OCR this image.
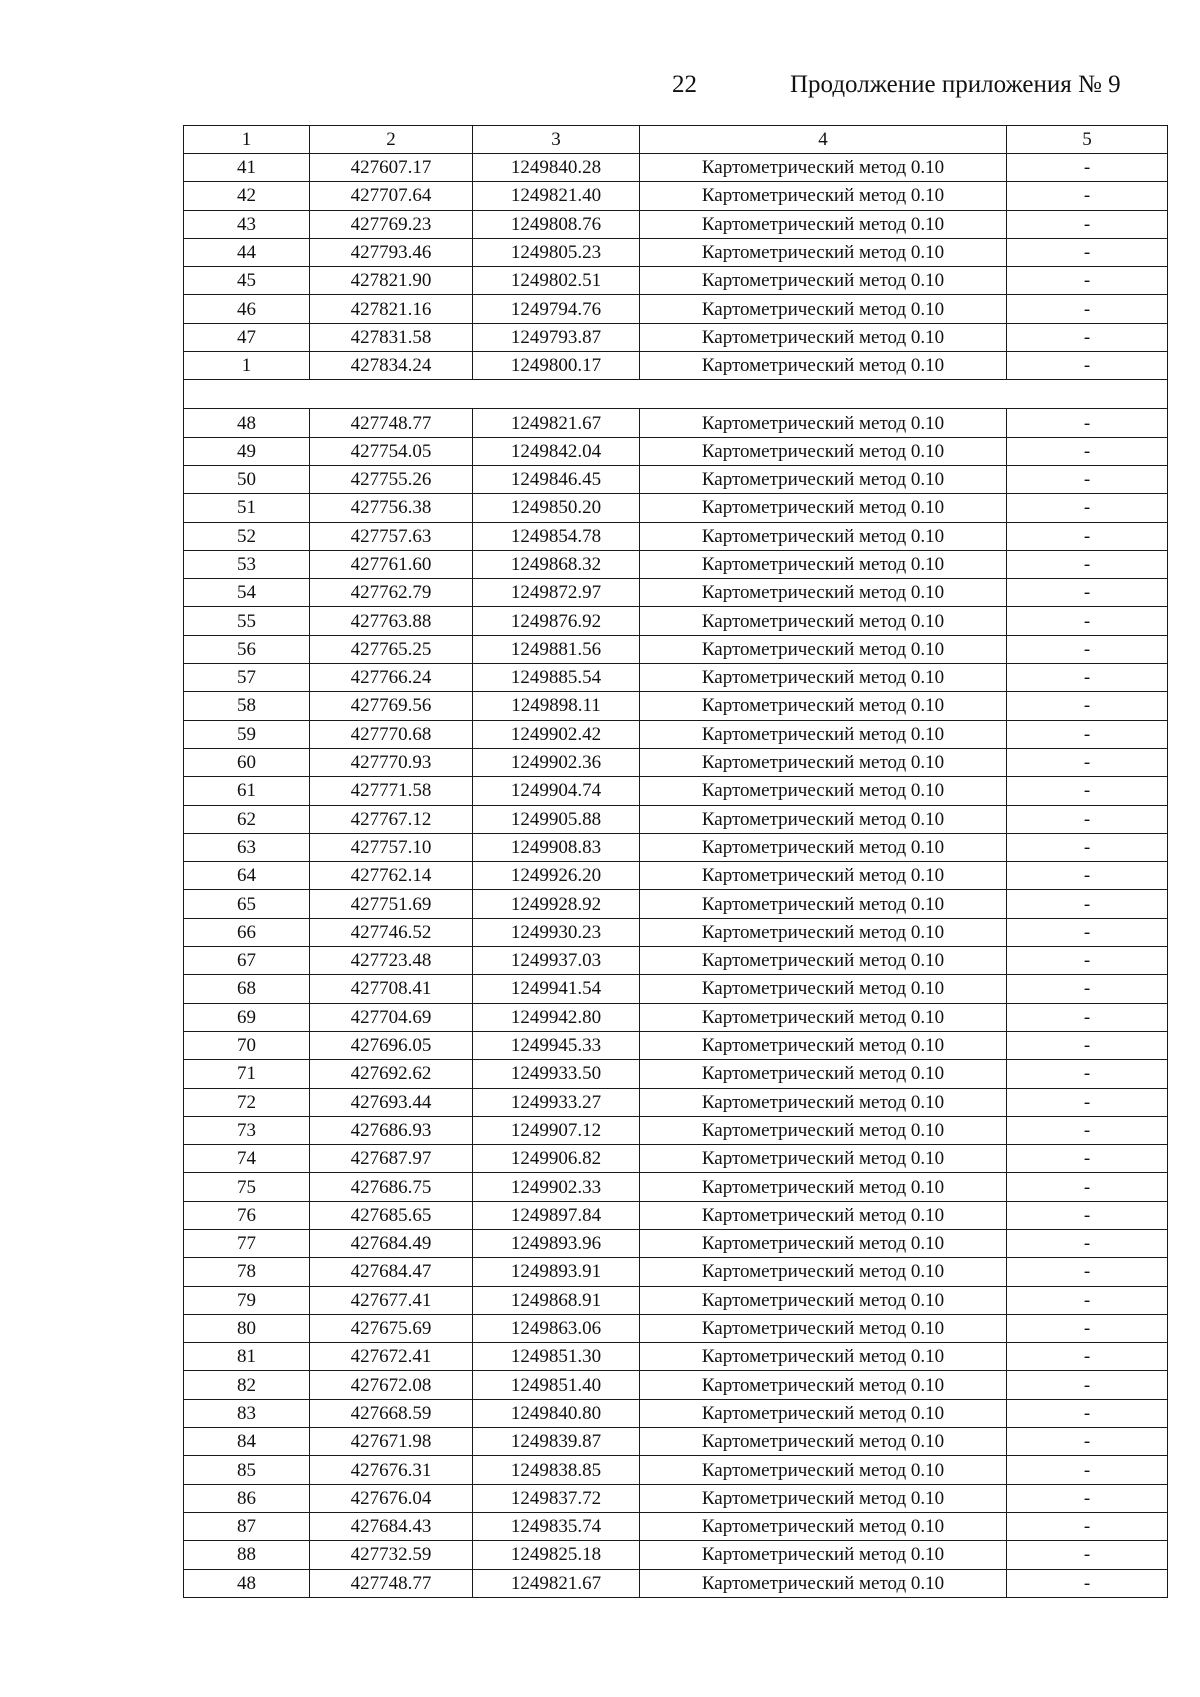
22	Продолжение приложения № 9
1	2	3	4	5
41	427607.17	1249840.28	Картометрический метод 0.10	-
42	427707.64	1249821.40	Картометрический метод 0.10	-
43	427769.23	1249808.76	Картометрический метод 0.10	-
44	427793.46	1249805.23	Картометрический метод 0.10	-
45	427821.90	1249802.51	Картометрический метод 0.10	-
46	427821.16	1249794.76	Картометрический метод 0.10	-
47	427831.58	1249793.87	Картометрический метод 0.10	-
1	427834.24	1249800.17	Картометрический метод 0.10	-

48	427748.77	1249821.67	Картометрический метод 0.10	-
49	427754.05	1249842.04	Картометрический метод 0.10	-
50	427755.26	1249846.45	Картометрический метод 0.10	-
51	427756.38	1249850.20	Картометрический метод 0.10	-
52	427757.63	1249854.78	Картометрический метод 0.10	-
53	427761.60	1249868.32	Картометрический метод 0.10	-
54	427762.79	1249872.97	Картометрический метод 0.10	-
55	427763.88	1249876.92	Картометрический метод 0.10	-
56	427765.25	1249881.56	Картометрический метод 0.10	-
57	427766.24	1249885.54	Картометрический метод 0.10	-
58	427769.56	1249898.11	Картометрический метод 0.10	-
59	427770.68	1249902.42	Картометрический метод 0.10	-
60	427770.93	1249902.36	Картометрический метод 0.10	-
61	427771.58	1249904.74	Картометрический метод 0.10	-
62	427767.12	1249905.88	Картометрический метод 0.10	-
63	427757.10	1249908.83	Картометрический метод 0.10	-
64	427762.14	1249926.20	Картометрический метод 0.10	-
65	427751.69	1249928.92	Картометрический метод 0.10	-
66	427746.52	1249930.23	Картометрический метод 0.10	-
67	427723.48	1249937.03	Картометрический метод 0.10	-
68	427708.41	1249941.54	Картометрический метод 0.10	-
69	427704.69	1249942.80	Картометрический метод 0.10	-
70	427696.05	1249945.33	Картометрический метод 0.10	-
71	427692.62	1249933.50	Картометрический метод 0.10	-
72	427693.44	1249933.27	Картометрический метод 0.10	-
73	427686.93	1249907.12	Картометрический метод 0.10	-
74	427687.97	1249906.82	Картометрический метод 0.10	-
75	427686.75	1249902.33	Картометрический метод 0.10	-
76	427685.65	1249897.84	Картометрический метод 0.10	-
77	427684.49	1249893.96	Картометрический метод 0.10	-
78	427684.47	1249893.91	Картометрический метод 0.10	-
79	427677.41	1249868.91	Картометрический метод 0.10	-
80	427675.69	1249863.06	Картометрический метод 0.10	-
81	427672.41	1249851.30	Картометрический метод 0.10	-
82	427672.08	1249851.40	Картометрический метод 0.10	-
83	427668.59	1249840.80	Картометрический метод 0.10	-
84	427671.98	1249839.87	Картометрический метод 0.10	-
85	427676.31	1249838.85	Картометрический метод 0.10	-
86	427676.04	1249837.72	Картометрический метод 0.10	-
87	427684.43	1249835.74	Картометрический метод 0.10	-
88	427732.59	1249825.18	Картометрический метод 0.10	-
48	427748.77	1249821.67	Картометрический метод 0.10	-
